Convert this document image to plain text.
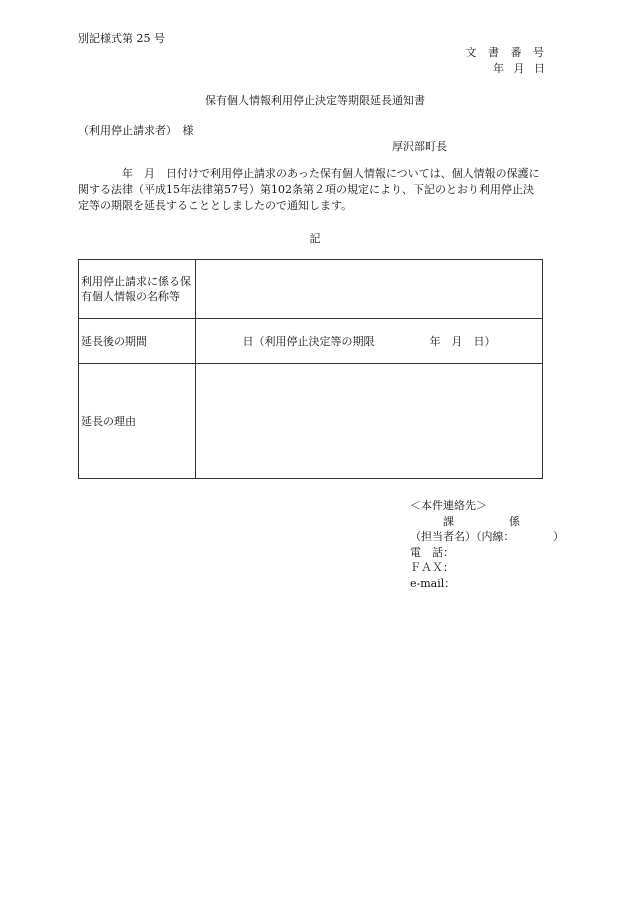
別記様式第 25 号
文 書 番 号
年 月 日
保有個人情報利用停止決定等期限延長通知書
（利用停止請求者）　様
厚沢部町長
年　月　日付けで利用停止請求のあった保有個人情報については、個人情報の保護に関する法律（平成15年法律第57号）第102条第２項の規定により、下記のとおり利用停止決定等の期限を延長することとしましたので通知します。
記
利用停止請求に係る保有個人情報の名称等	
延長後の期間	日（利用停止決定等の期限　　　　　年　月　日）
延長の理由	
＜本件連絡先＞
　　　課　　　　　係
（担当者名）（内線：　　　　）
電　話：
ＦＡＸ：
e-mail：
